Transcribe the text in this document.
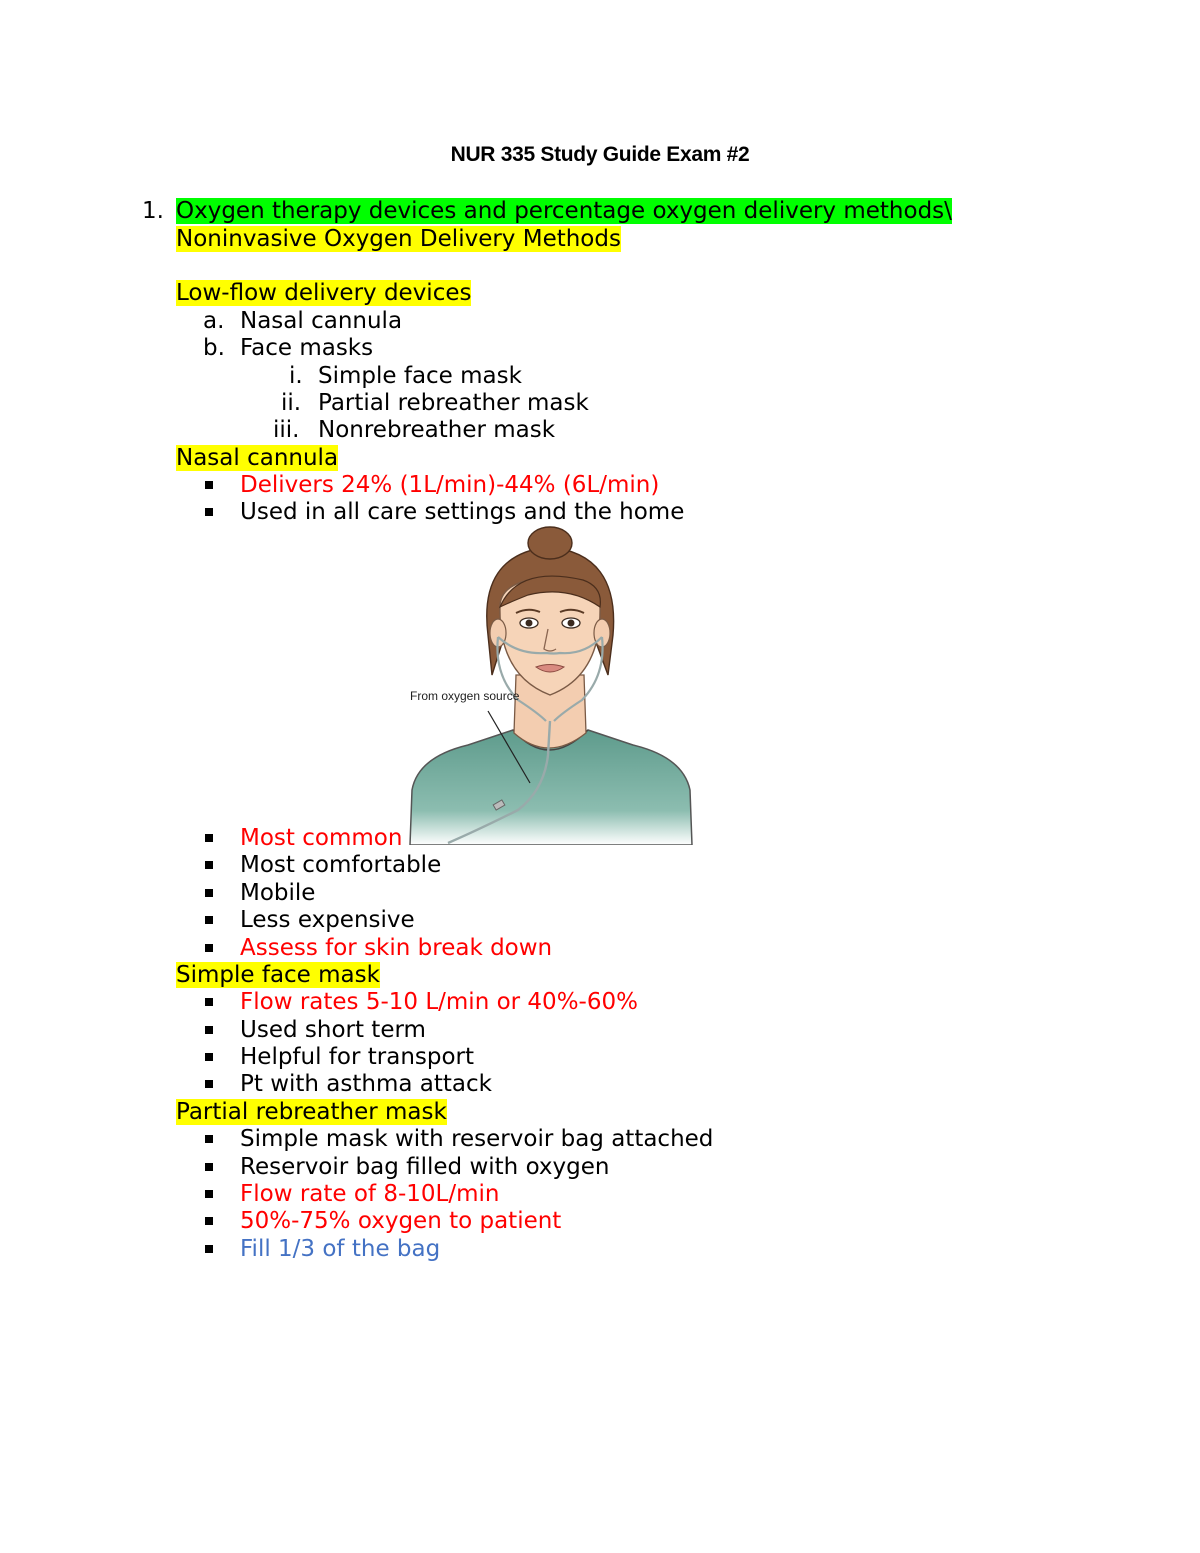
NUR 335 Study Guide Exam #2
1. Oxygen therapy devices and percentage oxygen delivery methods\
Noninvasive Oxygen Delivery Methods
Low-flow delivery devices
a. Nasal cannula
b. Face masks
i. Simple face mask
ii. Partial rebreather mask
iii. Nonrebreather mask
Nasal cannula
Delivers 24% (1L/min)-44% (6L/min)
Used in all care settings and the home
From oxygen source
Most common
Most comfortable
Mobile
Less expensive
Assess for skin break down
Simple face mask
Flow rates 5-10 L/min or 40%-60%
Used short term
Helpful for transport
Pt with asthma attack
Partial rebreather mask
Simple mask with reservoir bag attached
Reservoir bag filled with oxygen
Flow rate of 8-10L/min
50%-75% oxygen to patient
Fill 1/3 of the bag
